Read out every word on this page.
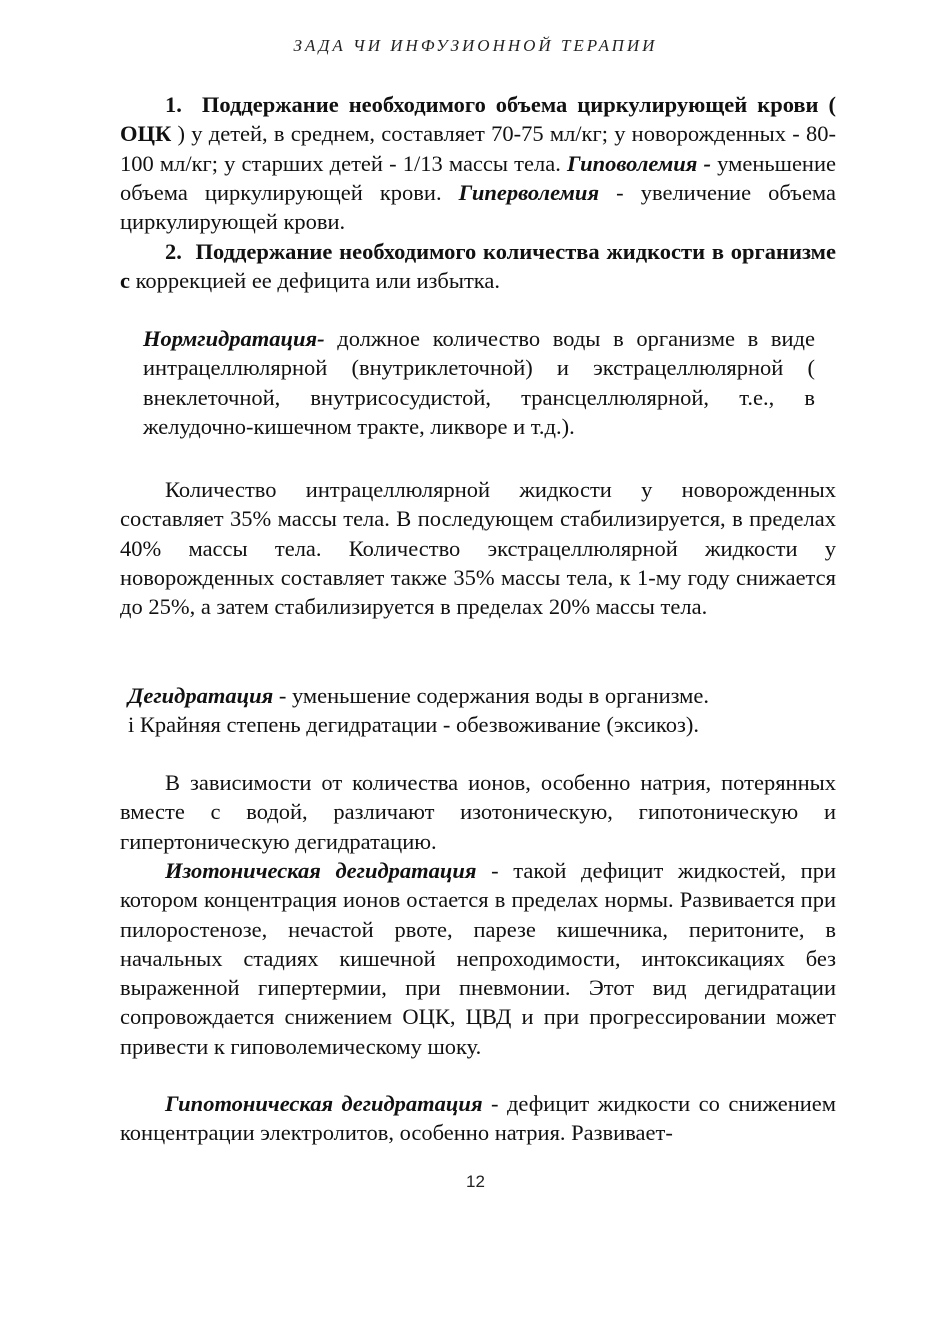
ЗАДА ЧИ ИНФУЗИОННОЙ ТЕРАПИИ

1. Поддержание необходимого объема циркулирующей крови ( ОЦК ) у детей, в среднем, составляет 70-75 мл/кг; у новорожденных - 80-100 мл/кг; у старших детей - 1/13 массы тела. Гиповолемия - уменьшение объема циркулирующей крови. Гиперволемия - увеличение объема циркулирующей крови.

2. Поддержание необходимого количества жидкости в организме с коррекцией ее дефицита или избытка.

Нормгидратация- должное количество воды в организме в виде интрацеллюлярной (внутриклеточной) и экстрацеллюлярной ( внеклеточной, внутрисосудистой, трансцеллюлярной, т.е., в желудочно-кишечном тракте, ликворе и т.д.).

Количество интрацеллюлярной жидкости у новорожденных составляет 35% массы тела. В последующем стабилизируется, в пределах 40% массы тела. Количество экстрацеллюлярной жидкости у новорожденных составляет также 35% массы тела, к 1-му году снижается до 25%, а затем стабилизируется в пределах 20% массы тела.

Дегидратация - уменьшение содержания воды в организме.

і Крайняя степень дегидратации - обезвоживание (эксикоз).

В зависимости от количества ионов, особенно натрия, потерянных вместе с водой, различают изотоническую, гипотоническую и гипертоническую дегидратацию.

Изотоническая дегидратация - такой дефицит жидкостей, при котором концентрация ионов остается в пределах нормы. Развивается при пилоростенозе, нечастой рвоте, парезе кишечника, перитоните, в начальных стадиях кишечной непроходимости, интоксикациях без выраженной гипертермии, при пневмонии. Этот вид дегидратации сопровождается снижением ОЦК, ЦВД и при прогрессировании может привести к гиповолемическому шоку.

Гипотоническая дегидратация - дефицит жидкости со снижением концентрации электролитов, особенно натрия. Развивает-

12
